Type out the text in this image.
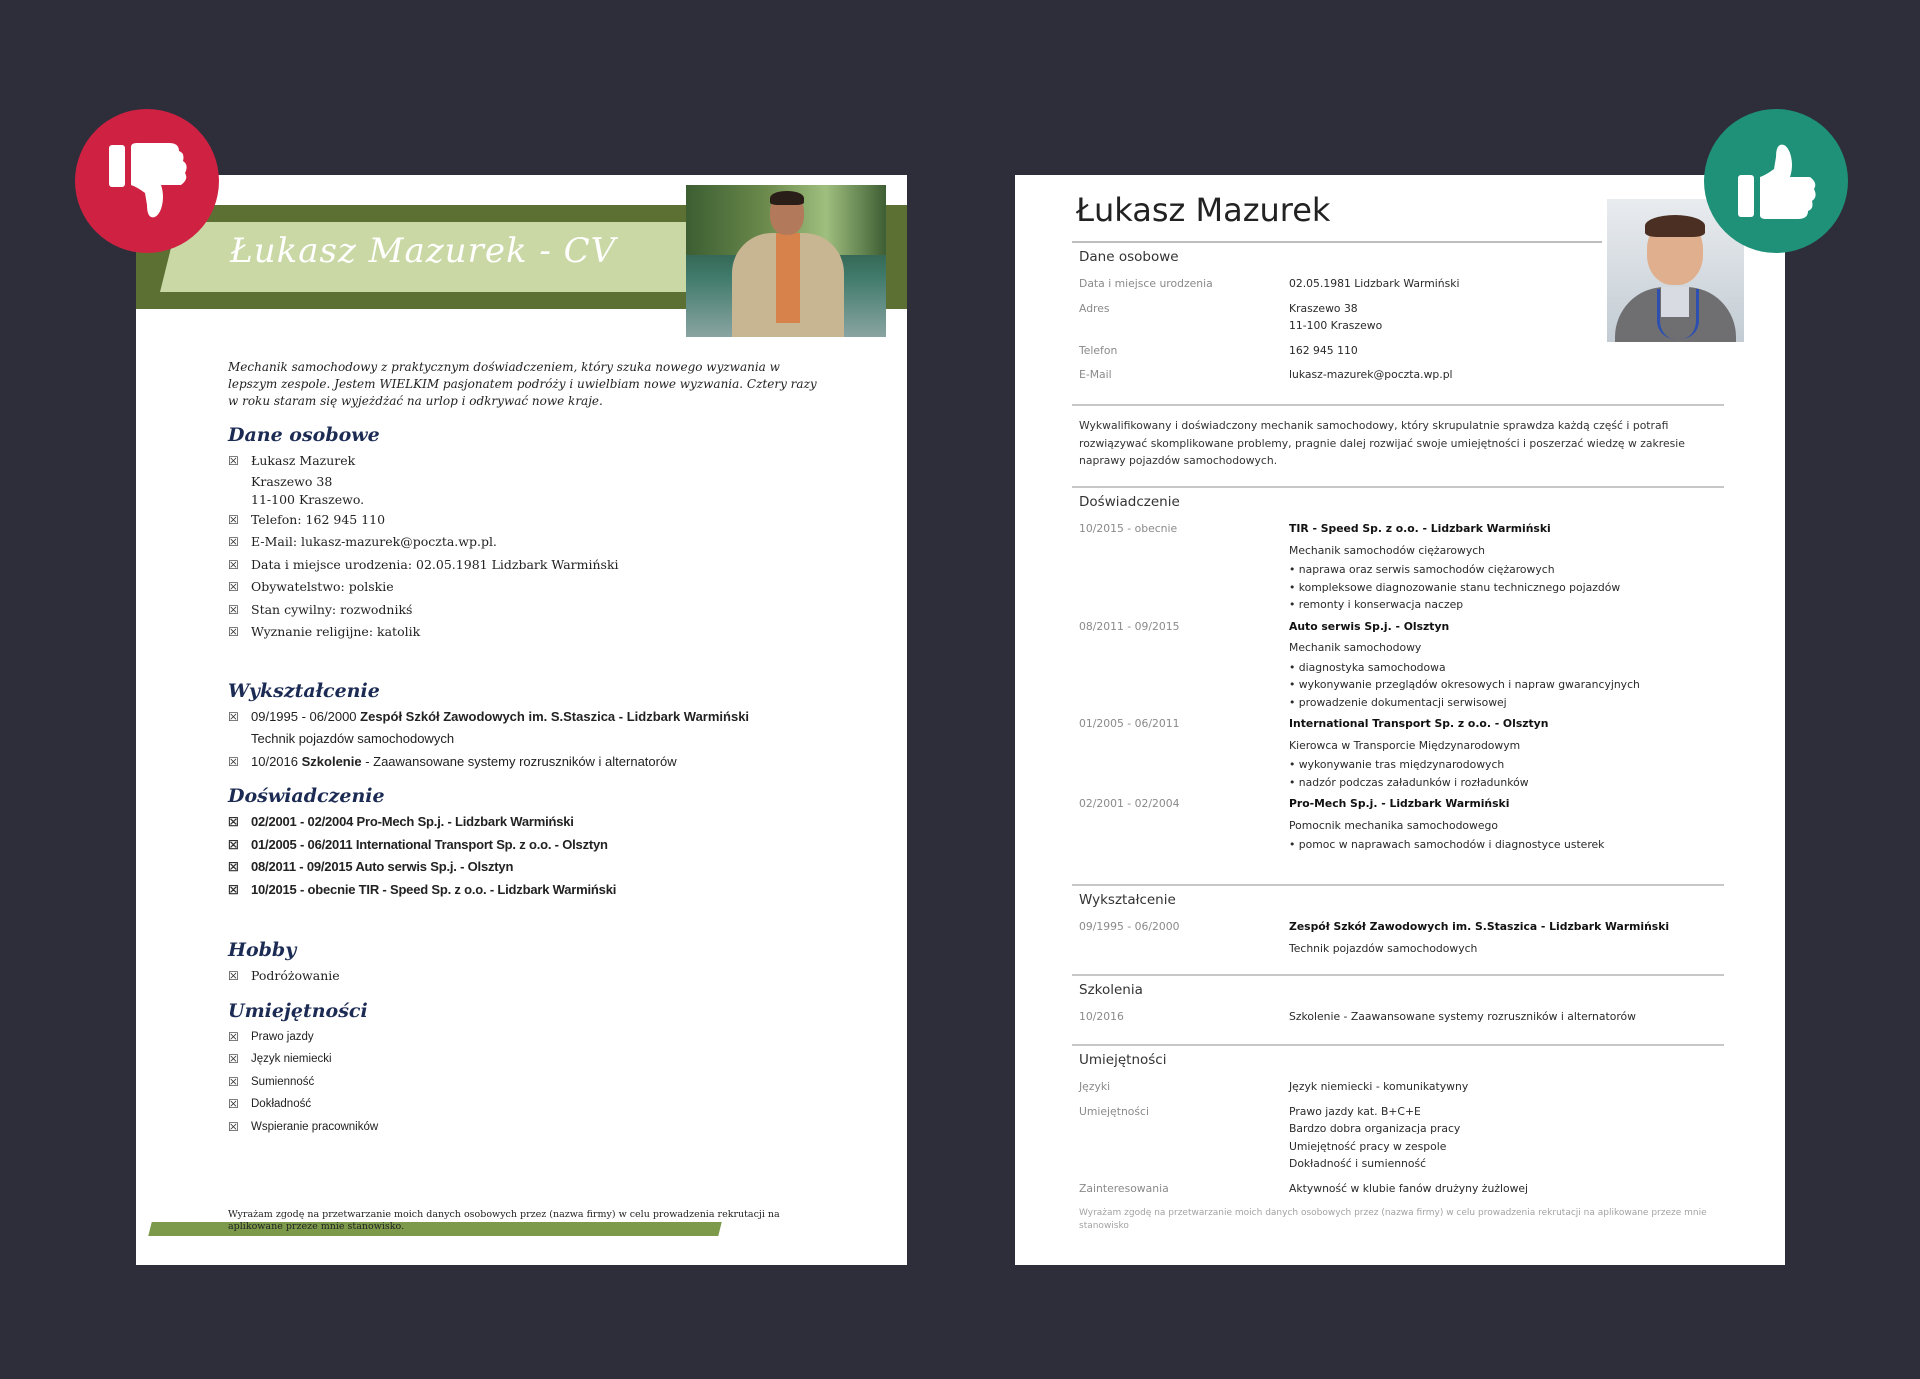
Łukasz Mazurek - CV

Mechanik samochodowy z praktycznym doświadczeniem, który szuka nowego wyzwania w lepszym zespole. Jestem WIELKIM pasjonatem podróży i uwielbiam nowe wyzwania. Cztery razy w roku staram się wyjeżdżać na urlop i odkrywać nowe kraje.

Dane osobowe
☒ Łukasz Mazurek
Kraszewo 38
11-100 Kraszewo.
☒ Telefon: 162 945 110
☒ E-Mail: lukasz-mazurek@poczta.wp.pl.
☒ Data i miejsce urodzenia: 02.05.1981 Lidzbark Warmiński
☒ Obywatelstwo: polskie
☒ Stan cywilny: rozwodnikś
☒ Wyznanie religijne: katolik
Wykształcenie
☒ 09/1995 - 06/2000 Zespół Szkół Zawodowych im. S.Staszica - Lidzbark Warmiński
Technik pojazdów samochodowych
☒ 10/2016 Szkolenie - Zaawansowane systemy rozruszników i alternatorów
Doświadczenie
☒ 02/2001 - 02/2004 Pro-Mech Sp.j. - Lidzbark Warmiński
☒ 01/2005 - 06/2011 International Transport Sp. z o.o. - Olsztyn
☒ 08/2011 - 09/2015 Auto serwis Sp.j. - Olsztyn
☒ 10/2015 - obecnie TIR - Speed Sp. z o.o. - Lidzbark Warmiński
Hobby
☒ Podróżowanie
Umiejętności
☒ Prawo jazdy
☒ Język niemiecki
☒ Sumienność
☒ Dokładność
☒ Wspieranie pracowników
Wyrażam zgodę na przetwarzanie moich danych osobowych przez (nazwa firmy) w celu prowadzenia rekrutacji na aplikowane przeze mnie stanowisko.
Łukasz Mazurek

Dane osobowe

Data i miejsce urodzenia	02.05.1981 Lidzbark Warmiński
Adres	Kraszewo 38
11-100 Kraszewo
Telefon	162 945 110
E-Mail	lukasz-mazurek@poczta.wp.pl
Wykwalifikowany i doświadczony mechanik samochodowy, który skrupulatnie sprawdza każdą część i potrafi rozwiązywać skomplikowane problemy, pragnie dalej rozwijać swoje umiejętności i poszerzać wiedzę w zakresie naprawy pojazdów samochodowych.

Doświadczenie

10/2015 - obecnie	TIR - Speed Sp. z o.o. - Lidzbark Warmiński
Mechanik samochodów ciężarowych
• naprawa oraz serwis samochodów ciężarowych
• kompleksowe diagnozowanie stanu technicznego pojazdów
• remonty i konserwacja naczep
08/2011 - 09/2015	Auto serwis Sp.j. - Olsztyn
Mechanik samochodowy
• diagnostyka samochodowa
• wykonywanie przeglądów okresowych i napraw gwarancyjnych
• prowadzenie dokumentacji serwisowej
01/2005 - 06/2011	International Transport Sp. z o.o. - Olsztyn
Kierowca w Transporcie Międzynarodowym
• wykonywanie tras międzynarodowych
• nadzór podczas załadunków i rozładunków
02/2001 - 02/2004	Pro-Mech Sp.j. - Lidzbark Warmiński
Pomocnik mechanika samochodowego
• pomoc w naprawach samochodów i diagnostyce usterek

Wykształcenie

09/1995 - 06/2000	Zespół Szkół Zawodowych im. S.Staszica - Lidzbark Warmiński
Technik pojazdów samochodowych

Szkolenia

10/2016	Szkolenie - Zaawansowane systemy rozruszników i alternatorów

Umiejętności

Języki	Język niemiecki - komunikatywny
Umiejętności	Prawo jazdy kat. B+C+E
Bardzo dobra organizacja pracy
Umiejętność pracy w zespole
Dokładność i sumienność
Zainteresowania	Aktywność w klubie fanów drużyny żużlowej
Wyrażam zgodę na przetwarzanie moich danych osobowych przez (nazwa firmy) w celu prowadzenia rekrutacji na aplikowane przeze mnie stanowisko
